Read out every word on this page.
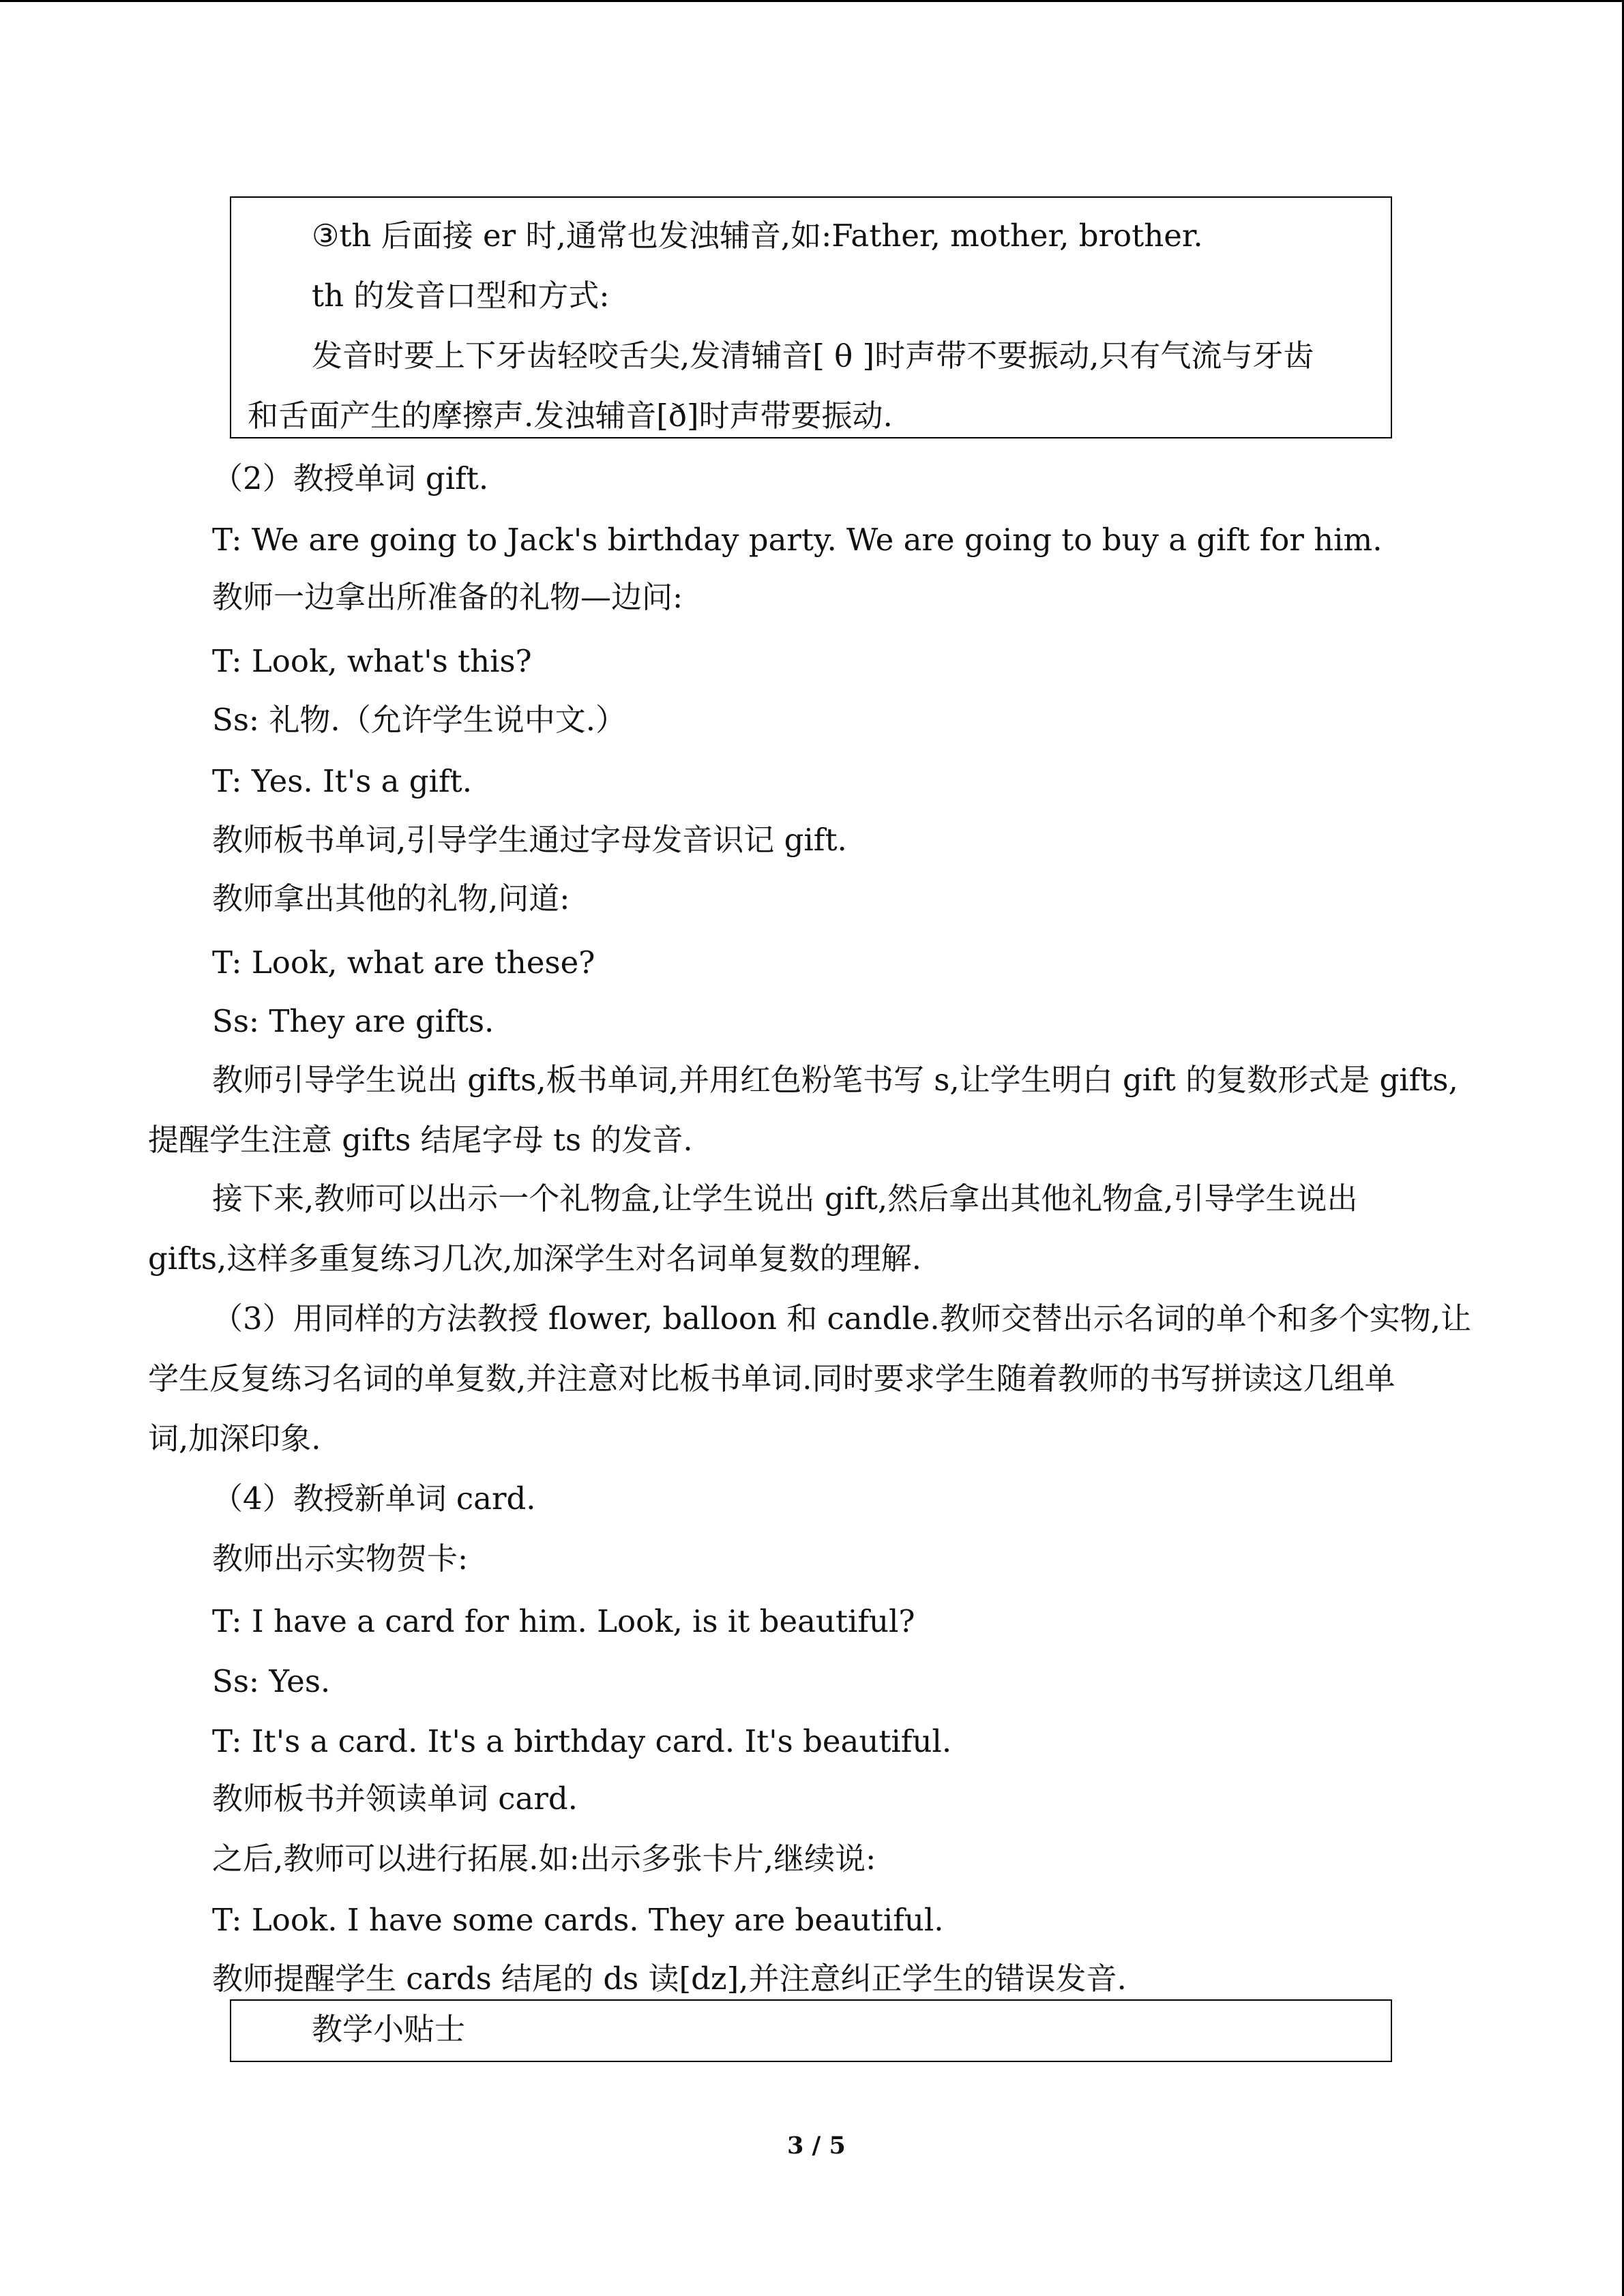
③th 后面接 er 时,通常也发浊辅音,如:Father, mother, brother.
th 的发音口型和方式:
发音时要上下牙齿轻咬舌尖,发清辅音[ θ ]时声带不要振动,只有气流与牙齿
和舌面产生的摩擦声.发浊辅音[ð]时声带要振动.
（2）教授单词 gift.
T: We are going to Jack's birthday party. We are going to buy a gift for him.
教师一边拿出所准备的礼物—边问:
T: Look, what's this?
Ss: 礼物.（允许学生说中文.）
T: Yes. It's a gift.
教师板书单词,引导学生通过字母发音识记 gift.
教师拿出其他的礼物,问道:
T: Look, what are these?
Ss: They are gifts.
教师引导学生说出 gifts,板书单词,并用红色粉笔书写 s,让学生明白 gift 的复数形式是 gifts,
提醒学生注意 gifts 结尾字母 ts 的发音.
接下来,教师可以出示一个礼物盒,让学生说出 gift,然后拿出其他礼物盒,引导学生说出
gifts,这样多重复练习几次,加深学生对名词单复数的理解.
（3）用同样的方法教授 flower, balloon 和 candle.教师交替出示名词的单个和多个实物,让
学生反复练习名词的单复数,并注意对比板书单词.同时要求学生随着教师的书写拼读这几组单
词,加深印象.
（4）教授新单词 card.
教师出示实物贺卡:
T: I have a card for him. Look, is it beautiful?
Ss: Yes.
T: It's a card. It's a birthday card. It's beautiful.
教师板书并领读单词 card.
之后,教师可以进行拓展.如:出示多张卡片,继续说:
T: Look. I have some cards. They are beautiful.
教师提醒学生 cards 结尾的 ds 读[dz],并注意纠正学生的错误发音.
教学小贴士
3 / 5
